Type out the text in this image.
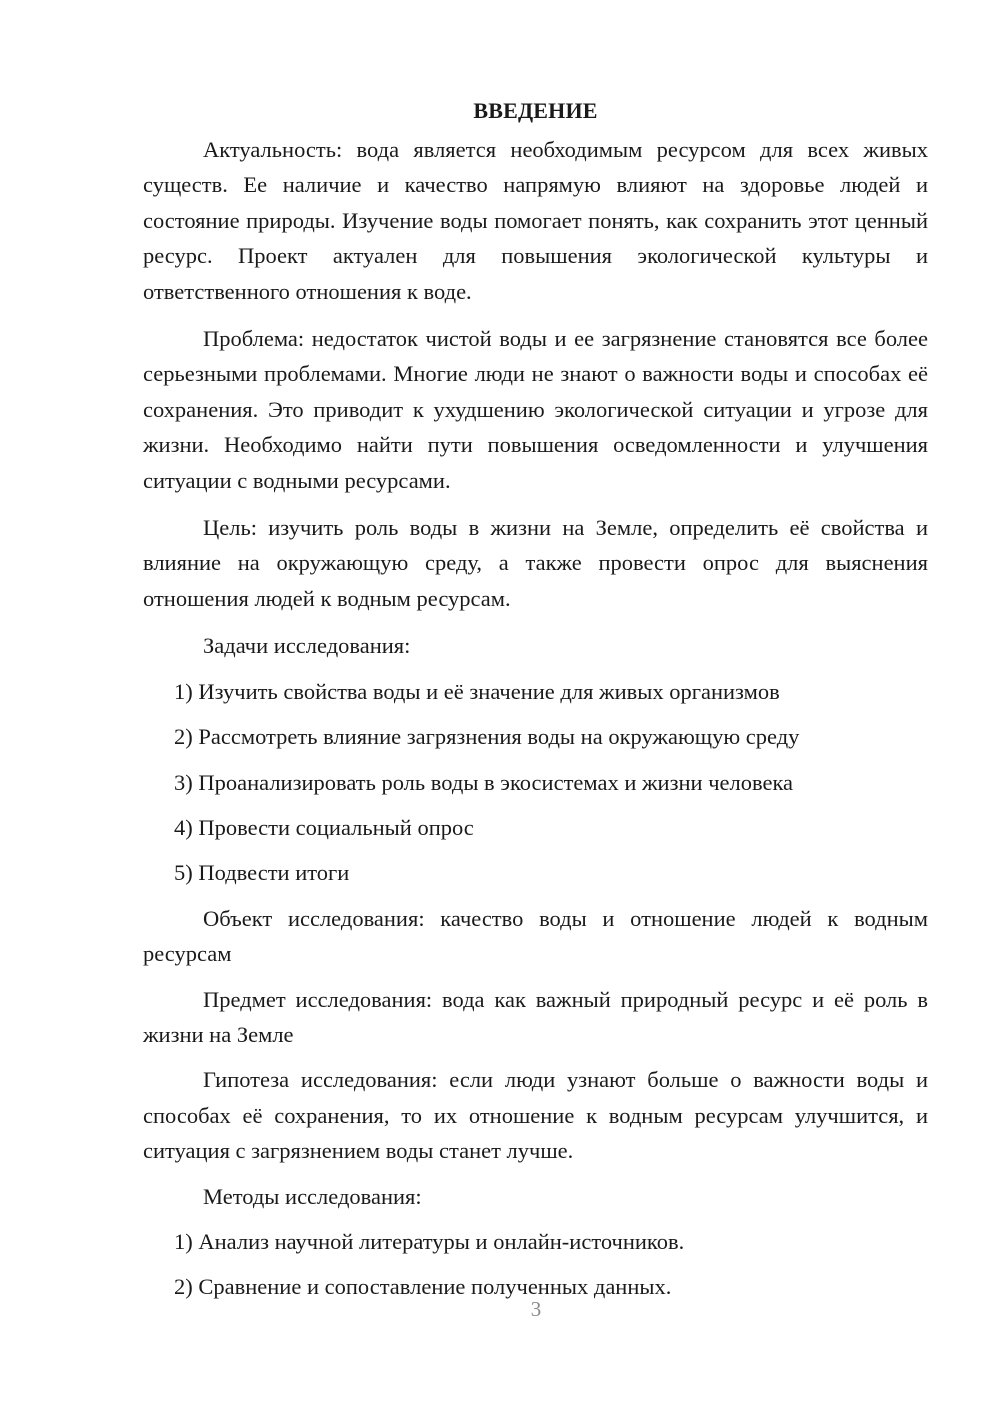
ВВЕДЕНИЕ

Актуальность: вода является необходимым ресурсом для всех живых существ. Ее наличие и качество напрямую влияют на здоровье людей и состояние природы. Изучение воды помогает понять, как сохранить этот ценный ресурс. Проект актуален для повышения экологической культуры и ответственного отношения к воде.

Проблема: недостаток чистой воды и ее загрязнение становятся все более серьезными проблемами. Многие люди не знают о важности воды и способах её сохранения. Это приводит к ухудшению экологической ситуации и угрозе для жизни. Необходимо найти пути повышения осведомленности и улучшения ситуации с водными ресурсами.

Цель: изучить роль воды в жизни на Земле, определить её свойства и влияние на окружающую среду, а также провести опрос для выяснения отношения людей к водным ресурсам.

Задачи исследования:

1) Изучить свойства воды и её значение для живых организмов

2) Рассмотреть влияние загрязнения воды на окружающую среду

3) Проанализировать роль воды в экосистемах и жизни человека

4) Провести социальный опрос

5) Подвести итоги

Объект исследования: качество воды и отношение людей к водным ресурсам

Предмет исследования: вода как важный природный ресурс и её роль в жизни на Земле

Гипотеза исследования: если люди узнают больше о важности воды и способах её сохранения, то их отношение к водным ресурсам улучшится, и ситуация с загрязнением воды станет лучше.

Методы исследования:

1) Анализ научной литературы и онлайн-источников.

2) Сравнение и сопоставление полученных данных.

3
